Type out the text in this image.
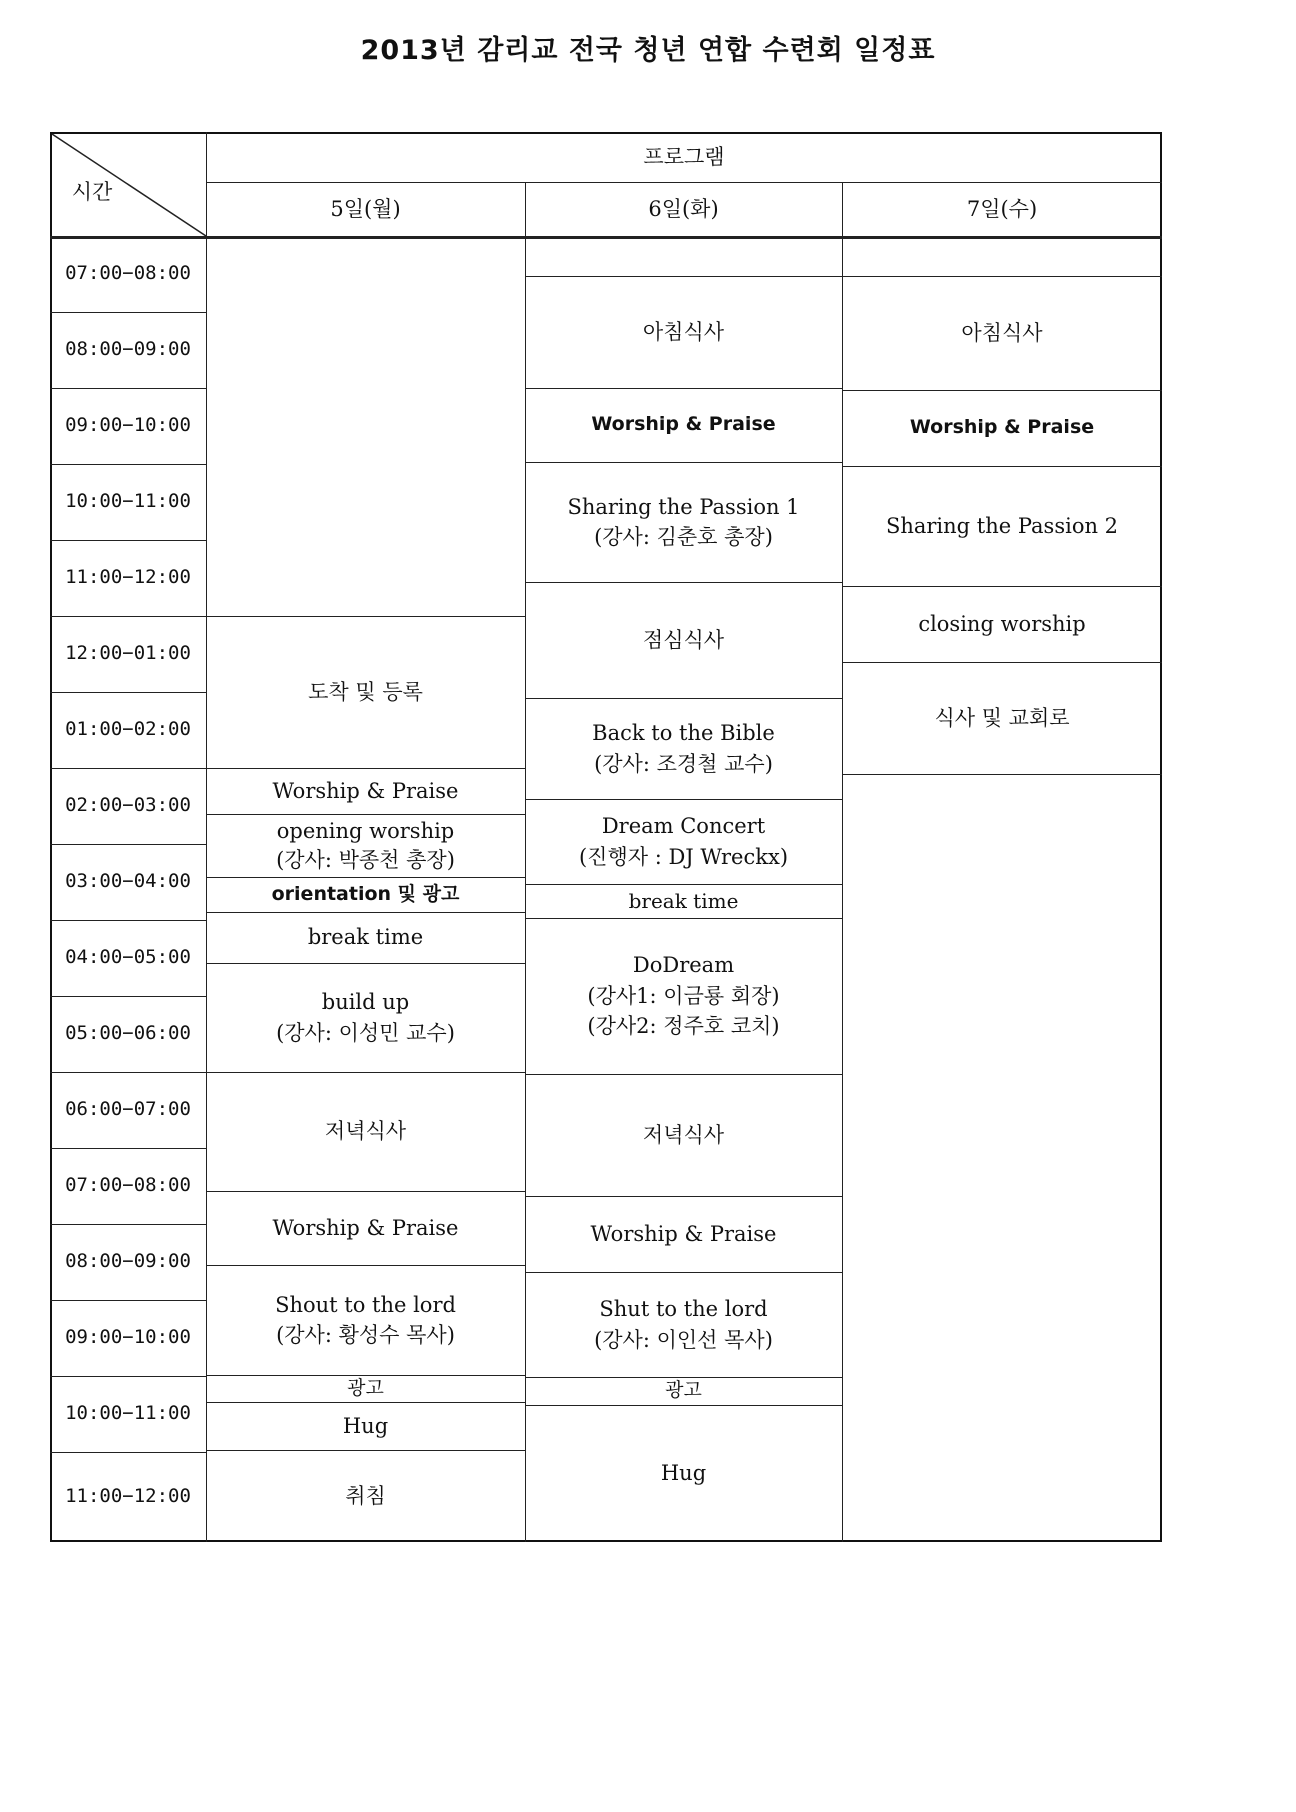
2013년 감리교 전국 청년 연합 수련회 일정표
시간
프로그램
5일(월)	6일(화)	7일(수)
07:00−08:00
08:00−09:00
09:00−10:00
10:00−11:00
11:00−12:00
12:00−01:00
01:00−02:00
02:00−03:00
03:00−04:00
04:00−05:00
05:00−06:00
06:00−07:00
07:00−08:00
08:00−09:00
09:00−10:00
10:00−11:00
11:00−12:00
도착 및 등록
Worship & Praise
opening worship
(강사: 박종천 총장)
orientation 및 광고
break time
build up
(강사: 이성민 교수)
저녁식사
Worship & Praise
Shout to the lord
(강사: 황성수 목사)
광고
Hug
취침
아침식사
Worship & Praise
Sharing the Passion 1
(강사: 김춘호 총장)
점심식사
Back to the Bible
(강사: 조경철 교수)
Dream Concert
(진행자 : DJ Wreckx)
break time
DoDream
(강사1: 이금룡 회장)
(강사2: 정주호 코치)
저녁식사
Worship & Praise
Shut to the lord
(강사: 이인선 목사)
광고
Hug
아침식사
Worship & Praise
Sharing the Passion 2
closing worship
식사 및 교회로
